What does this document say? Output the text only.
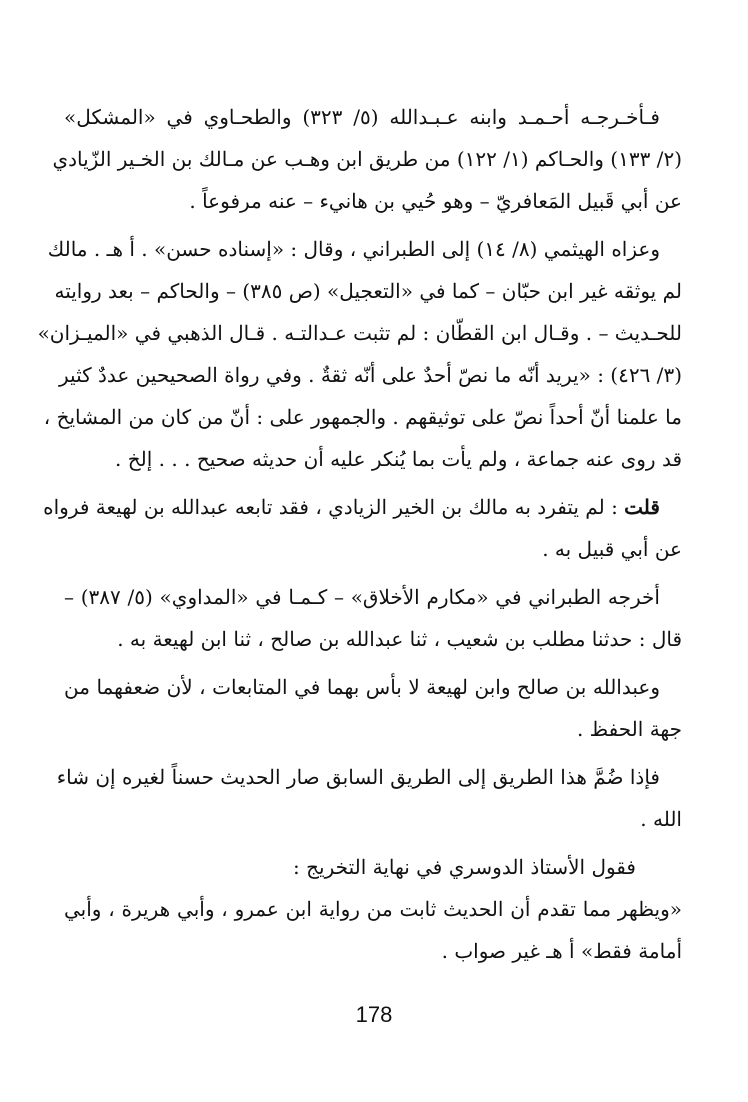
فـأخـرجـه أحـمـد وابنه عـبـدالله (٥/ ٣٢٣) والطحـاوي في «المشكل»
(٢/ ١٣٣) والحـاكم (١/ ١٢٢) من طريق ابن وهـب عن مـالك بن الخـير الزّيادي
عن أبي قَبيل المَعافريّ – وهو حُيي بن هانيء – عنه مرفوعاً .
وعزاه الهيثمي (٨/ ١٤) إلى الطبراني ، وقال : «إسناده حسن» . أ هـ . مالك
لم يوثقه غير ابن حبّان – كما في «التعجيل» (ص ٣٨٥) – والحاكم – بعد روايته
للحـديث – . وقـال ابن القطّان : لم تثبت عـدالتـه . قـال الذهبي في «الميـزان»
(٣/ ٤٢٦) : «يريد أنّه ما نصّ أحدٌ على أنّه ثقةٌ . وفي رواة الصحيحين عددٌ كثير
ما علمنا أنّ أحداً نصّ على توثيقهم . والجمهور على : أنّ من كان من المشايخ ،
قد روى عنه جماعة ، ولم يأت بما يُنكر عليه أن حديثه صحيح . . . إلخ .
قلت : لم يتفرد به مالك بن الخير الزيادي ، فقد تابعه عبدالله بن لهيعة فرواه
عن أبي قبيل به .
أخرجه الطبراني في «مكارم الأخلاق» – كـمـا في «المداوي» (٥/ ٣٨٧) –
قال : حدثنا مطلب بن شعيب ، ثنا عبدالله بن صالح ، ثنا ابن لهيعة به .
وعبدالله بن صالح وابن لهيعة لا بأس بهما في المتابعات ، لأن ضعفهما من
جهة الحفظ .
فإذا ضُمَّ هذا الطريق إلى الطريق السابق صار الحديث حسناً لغيره إن شاء
الله .
فقول الأستاذ الدوسري في نهاية التخريج :
«ويظهر مما تقدم أن الحديث ثابت من رواية ابن عمرو ، وأبي هريرة ، وأبي
أمامة فقط» أ هـ غير صواب .
178
